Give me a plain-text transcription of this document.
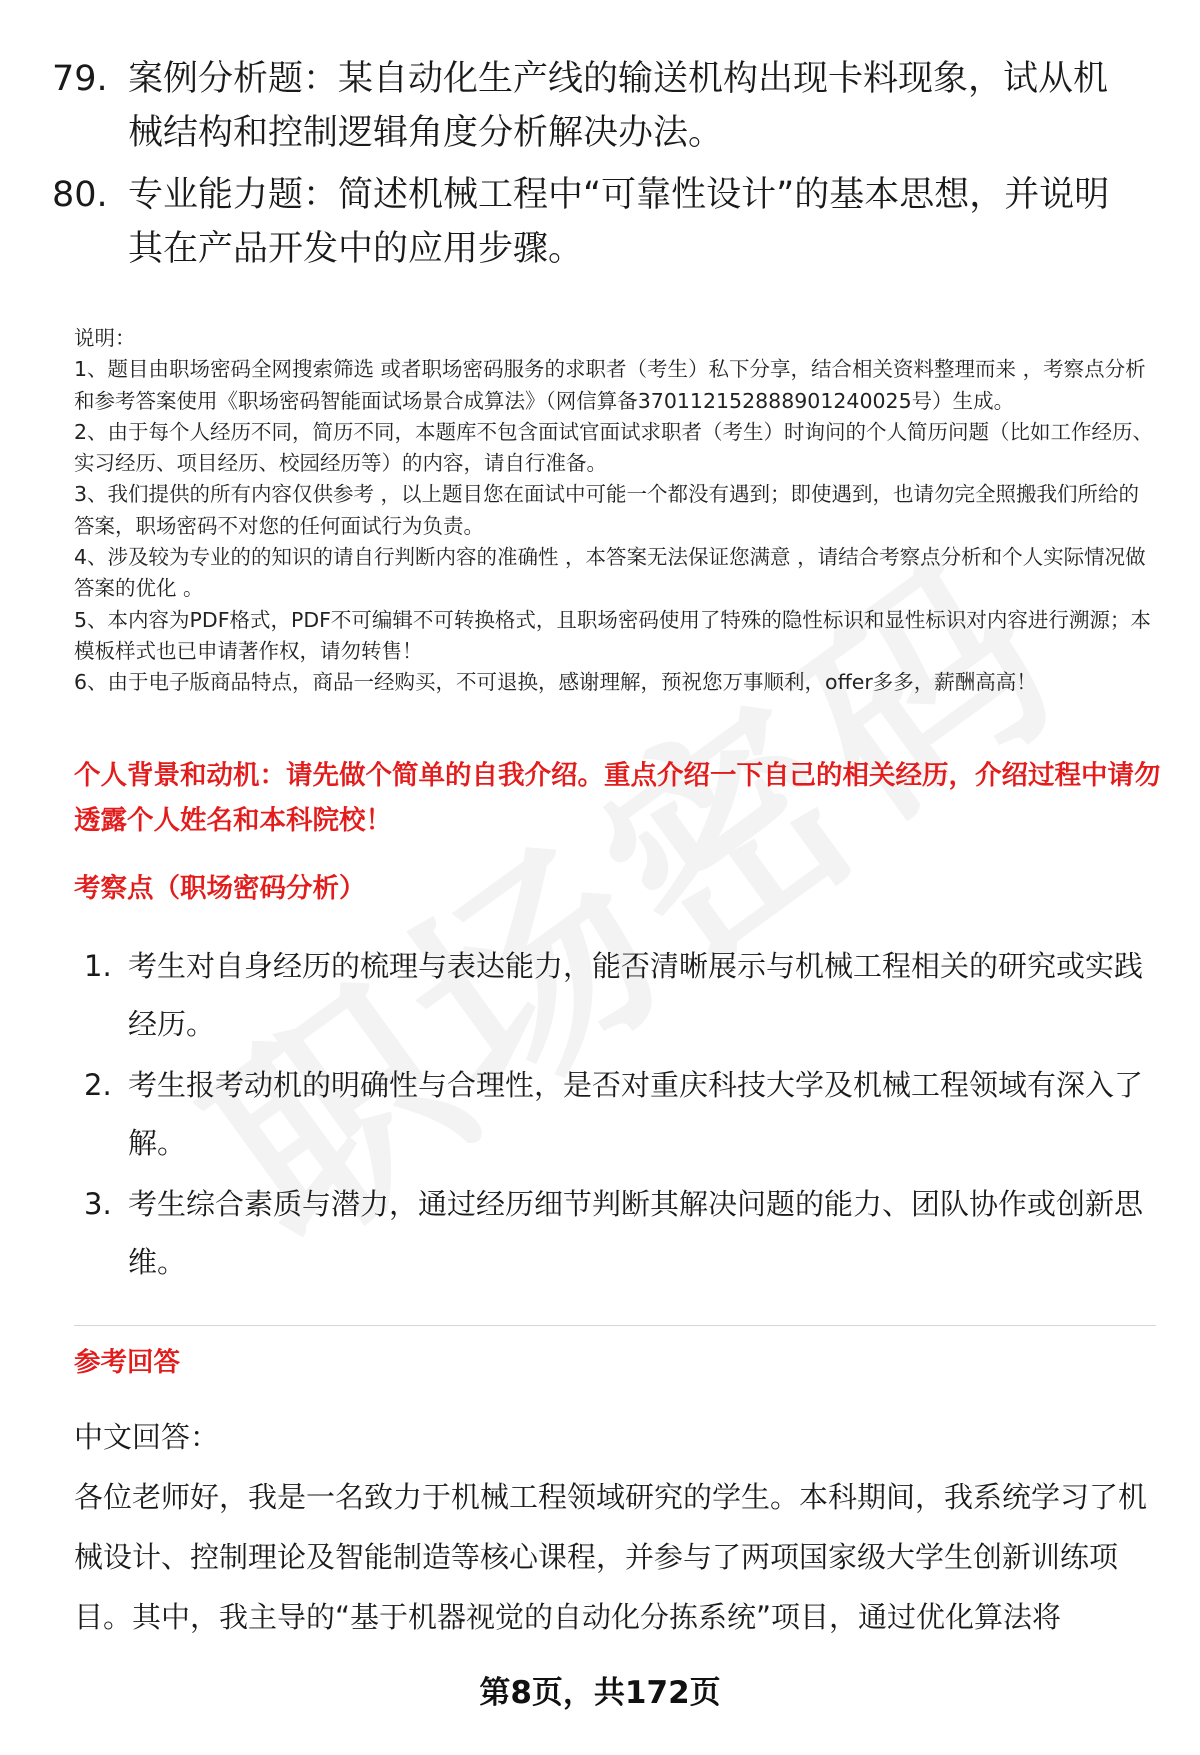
79. 案例分析题：某自动化生产线的输送机构出现卡料现象，试从机械结构和控制逻辑角度分析解决办法。
80. 专业能力题：简述机械工程中“可靠性设计”的基本思想，并说明其在产品开发中的应用步骤。
说明：
1、题目由职场密码全网搜索筛选 或者职场密码服务的求职者（考生）私下分享，结合相关资料整理而来 ，考察点分析和参考答案使用《职场密码智能面试场景合成算法》（网信算备370112152888901240025号）生成。
2、由于每个人经历不同，简历不同，本题库不包含面试官面试求职者（考生）时询问的个人简历问题（比如工作经历、实习经历、项目经历、校园经历等）的内容，请自行准备。
3、我们提供的所有内容仅供参考 ，以上题目您在面试中可能一个都没有遇到；即使遇到，也请勿完全照搬我们所给的答案，职场密码不对您的任何面试行为负责。
4、涉及较为专业的的知识的请自行判断内容的准确性 ，本答案无法保证您满意 ，请结合考察点分析和个人实际情况做答案的优化 。
5、本内容为PDF格式，PDF不可编辑不可转换格式，且职场密码使用了特殊的隐性标识和显性标识对内容进行溯源；本模板样式也已申请著作权，请勿转售！
6、由于电子版商品特点，商品一经购买，不可退换，感谢理解，预祝您万事顺利，offer多多，薪酬高高！
个人背景和动机：请先做个简单的自我介绍。重点介绍一下自己的相关经历，介绍过程中请勿透露个人姓名和本科院校！
考察点（职场密码分析）
1. 考生对自身经历的梳理与表达能力，能否清晰展示与机械工程相关的研究或实践经历。
2. 考生报考动机的明确性与合理性，是否对重庆科技大学及机械工程领域有深入了解。
3. 考生综合素质与潜力，通过经历细节判断其解决问题的能力、团队协作或创新思维。
参考回答
中文回答：
各位老师好，我是一名致力于机械工程领域研究的学生。本科期间，我系统学习了机械设计、控制理论及智能制造等核心课程，并参与了两项国家级大学生创新训练项目。其中，我主导的“基于机器视觉的自动化分拣系统”项目，通过优化算法将
第8页，共172页
